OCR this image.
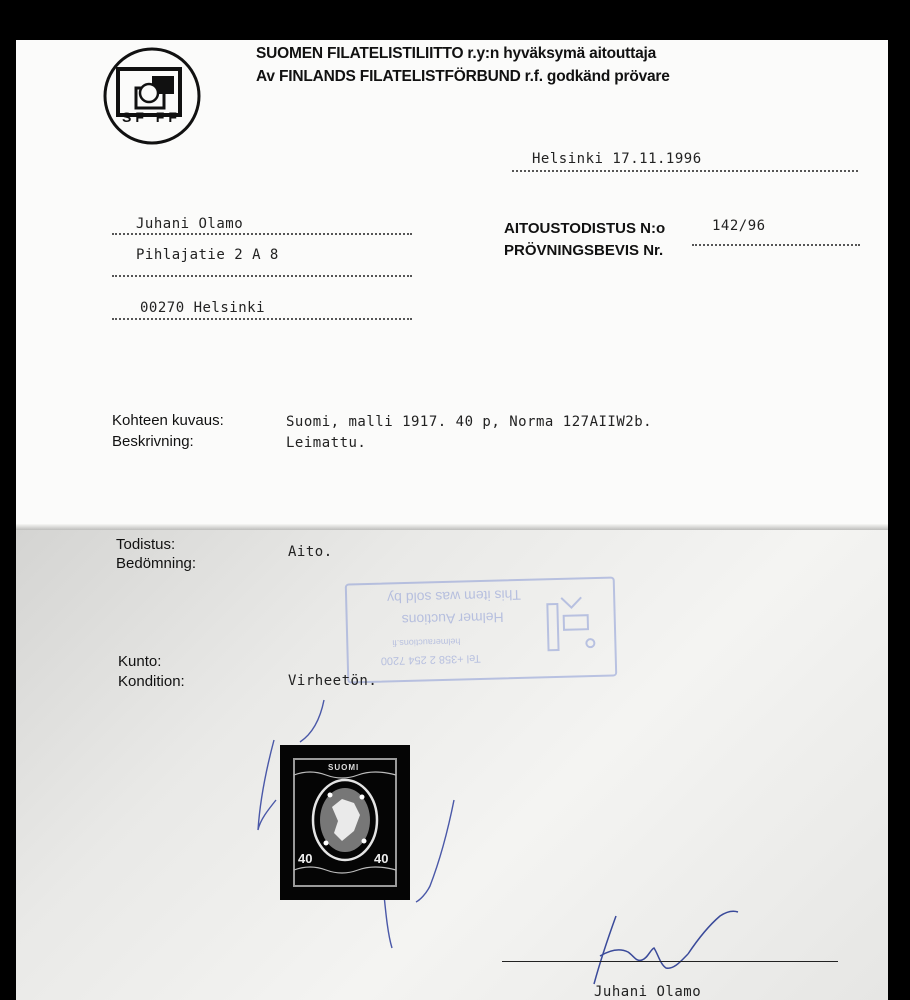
SF FF
SUOMEN FILATELISTILIITTO r.y:n hyväksymä aitouttaja
Av FINLANDS FILATELISTFÖRBUND r.f. godkänd prövare
Helsinki 17.11.1996
Juhani Olamo
Pihlajatie 2 A 8
00270 Helsinki
AITOUSTODISTUS N:o
PRÖVNINGSBEVIS Nr.
142/96
Kohteen kuvaus:
Beskrivning:
Suomi, malli 1917. 40 p, Norma 127AIIW2b.
Leimattu.
Todistus:
Bedömning:
Aito.
This item was sold by
Helmer Auctions
helmerauctions.fi
Tel +358 2 254 7200
Kunto:
Kondition:	Virheetön.
40	40
SUOMI
Juhani Olamo
